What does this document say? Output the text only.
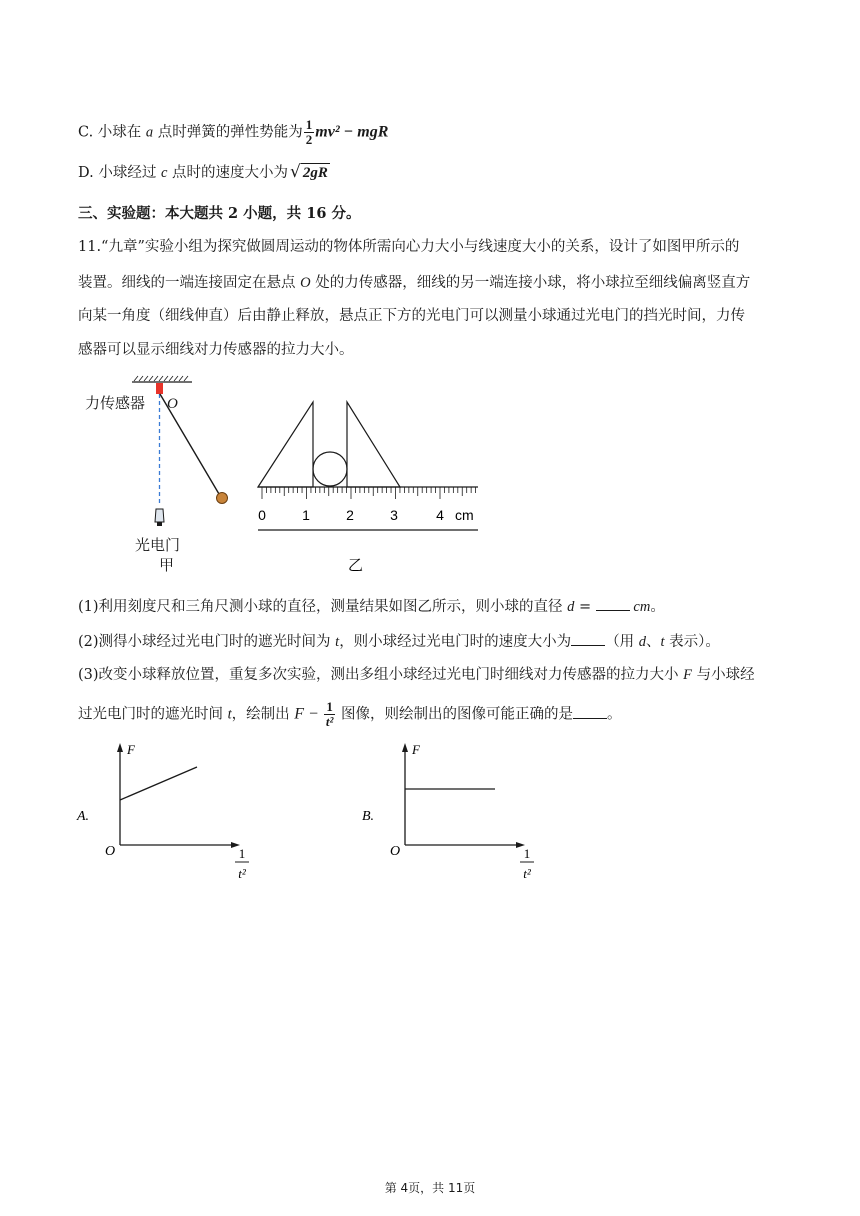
C. 小球在 a 点时弹簧的弹性势能为 $\frac{1}{2} mv^2$ − mgR
D. 小球经过 c 点时的速度大小为 √ 2gR
三、实验题：本大题共 2 小题，共 16 分。
11.“九章”实验小组为探究做圆周运动的物体所需向心力大小与线速度大小的关系，设计了如图甲所示的
装置。细线的一端连接固定在悬点 O 处的力传感器，细线的另一端连接小球，将小球拉至细线偏离竖直方
向某一角度（细线伸直）后由静止释放，悬点正下方的光电门可以测量小球通过光电门的挡光时间，力传
感器可以显示细线对力传感器的拉力大小。
力传感器 O
光电门
甲
0	1	2	3	4 cm
乙
(1)利用刻度尺和三角尺测小球的直径，测量结果如图乙所示，则小球的直径 d =  cm。
(2)测得小球经过光电门时的遮光时间为 t，则小球经过光电门时的速度大小为 （用 d、t 表示）。
(3)改变小球释放位置，重复多次实验，测出多组小球经过光电门时细线对力传感器的拉力大小 F 与小球经
过光电门时的遮光时间 t，绘制出 $F - \frac{1}{\text{t²}}$ 图像，则绘制出的图像可能正确的是 。
A.
F
O	1
t²
B.
F
O	1
t²
第 4页，共 11页
